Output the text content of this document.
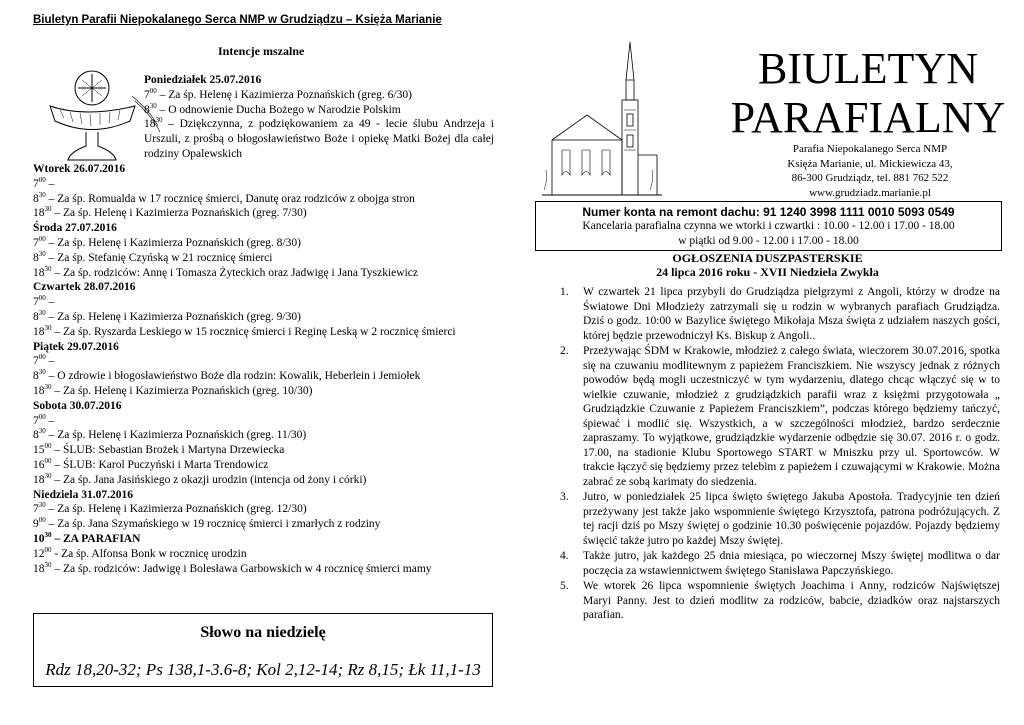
Biuletyn Parafii Niepokalanego Serca NMP w Grudziądzu – Księża Marianie
Intencje mszalne
Poniedziałek 25.07.2016
$7^{00}$ – Za śp. Helenę i Kazimierza Poznańskich (greg. 6/30)
$8^{30}$ – O odnowienie Ducha Bożego w Narodzie Polskim
$18^{30}$ – Dziękczynna, z podziękowaniem za 49 - lecie ślubu Andrzeja i Urszuli, z prośbą o błogosławieństwo Boże i opiekę Matki Bożej dla całej rodziny Opalewskich
Wtorek 26.07.2016
$7^{00}$ –
$8^{30}$ – Za śp. Romualda w 17 rocznicę śmierci, Danutę oraz rodziców z obojga stron
$18^{30}$ – Za śp. Helenę i Kazimierza Poznańskich (greg. 7/30)
Środa 27.07.2016
$7^{00}$ – Za śp. Helenę i Kazimierza Poznańskich (greg. 8/30)
$8^{30}$ – Za śp. Stefanię Czyńską w 21 rocznicę śmierci
$18^{30}$ – Za śp. rodziców: Annę i Tomasza Żyteckich oraz Jadwigę i Jana Tyszkiewicz
Czwartek 28.07.2016
$7^{00}$ –
$8^{30}$ – Za śp. Helenę i Kazimierza Poznańskich (greg. 9/30)
$18^{30}$ – Za śp. Ryszarda Leskiego w 15 rocznicę śmierci i Reginę Leską w 2 rocznicę śmierci
Piątek 29.07.2016
$7^{00}$ –
$8^{30}$ – O zdrowie i błogosławieństwo Boże dla rodzin: Kowalik, Heberlein i Jemiołek
$18^{30}$ – Za śp. Helenę i Kazimierza Poznańskich (greg. 10/30)
Sobota 30.07.2016
$7^{00}$ –
$8^{30}$ – Za śp. Helenę i Kazimierza Poznańskich (greg. 11/30)
$15^{00}$ – ŚLUB: Sebastian Brożek i Martyna Drzewiecka
$16^{00}$ – ŚLUB: Karol Puczyński i Marta Trendowicz
$18^{30}$ – Za śp. Jana Jasińskiego z okazji urodzin (intencja od żony i córki)
Niedziela 31.07.2016
$7^{30}$ – Za śp. Helenę i Kazimierza Poznańskich (greg. 12/30)
$9^{00}$ – Za śp. Jana Szymańskiego w 19 rocznicę śmierci i zmarłych z rodziny
$10^{30}$ – ZA PARAFIAN
$12^{00}$ - Za śp. Alfonsa Bonk w rocznicę urodzin
$18^{30}$ – Za śp. rodziców: Jadwigę i Bolesława Garbowskich w 4 rocznicę śmierci mamy
Słowo na niedzielę
Rdz 18,20-32; Ps 138,1-3.6-8; Kol 2,12-14; Rz 8,15; Łk 11,1-13
BIULETYN
PARAFIALNY
Parafia Niepokalanego Serca NMP
Księża Marianie, ul. Mickiewicza 43,
86-300 Grudziądz, tel. 881 762 522
www.grudziadz.marianie.pl
Numer konta na remont dachu: 91 1240 3998 1111 0010 5093 0549
Kancelaria parafialna czynna we wtorki i czwartki : 10.00 - 12.00 i 17.00 - 18.00
w piątki od 9.00 - 12.00 i 17.00 - 18.00
OGŁOSZENIA DUSZPASTERSKIE
24 lipca 2016 roku - XVII Niedziela Zwykła
1. W czwartek 21 lipca przybyli do Grudziądza pielgrzymi z Angoli, którzy w drodze na Światowe Dni Młodzieży zatrzymali się u rodzin w wybranych parafiach Grudziądza. Dziś o godz. 10:00 w Bazylice świętego Mikołaja Msza święta z udziałem naszych gości, której będzie przewodniczył Ks. Biskup z Angoli..
2. Przeżywając ŚDM w Krakowie, młodzież z całego świata, wieczorem 30.07.2016, spotka się na czuwaniu modlitewnym z papieżem Franciszkiem. Nie wszyscy jednak z różnych powodów będą mogli uczestniczyć w tym wydarzeniu, dlatego chcąc włączyć się w to wielkie czuwanie, młodzież z grudziądzkich parafii wraz z księżmi przygotowała „ Grudziądzkie Czuwanie z Papieżem Franciszkiem”, podczas którego będziemy tańczyć, śpiewać i modlić się. Wszystkich, a w szczególności młodzież, bardzo serdecznie zapraszamy. To wyjątkowe, grudziądzkie wydarzenie odbędzie się 30.07. 2016 r. o godz. 17.00, na stadionie Klubu Sportowego START w Mniszku przy ul. Sportowców. W trakcie łączyć się będziemy przez telebim z papieżem i czuwającymi w Krakowie. Można zabrać ze sobą karimaty do siedzenia.
3. Jutro, w poniedziałek 25 lipca święto świętego Jakuba Apostoła. Tradycyjnie ten dzień przeżywany jest także jako wspomnienie świętego Krzysztofa, patrona podróżujących. Z tej racji dziś po Mszy świętej o godzinie 10.30 poświęcenie pojazdów. Pojazdy będziemy święcić także jutro po każdej Mszy świętej.
4. Także jutro, jak każdego 25 dnia miesiąca, po wieczornej Mszy świętej modlitwa o dar poczęcia za wstawiennictwem świętego Stanisława Papczyńskiego.
5. We wtorek 26 lipca wspomnienie świętych Joachima i Anny, rodziców Najświętszej Maryi Panny. Jest to dzień modlitw za rodziców, babcie, dziadków oraz najstarszych parafian.
